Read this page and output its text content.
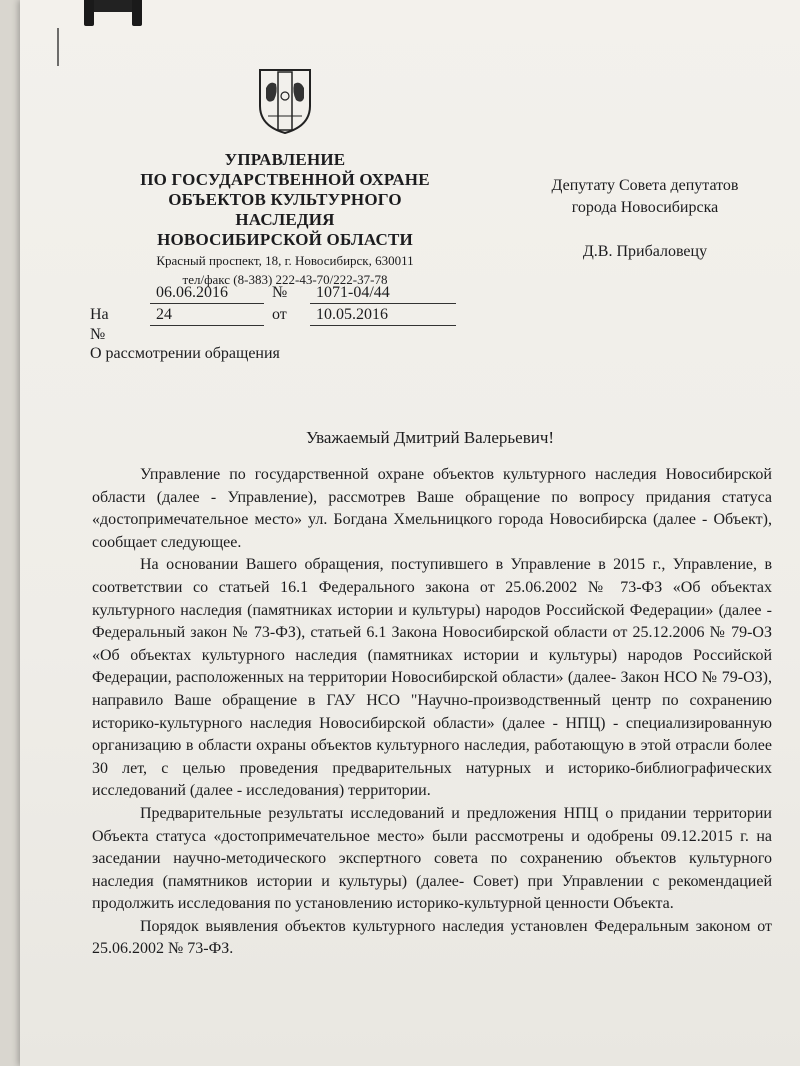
УПРАВЛЕНИЕ
ПО ГОСУДАРСТВЕННОЙ ОХРАНЕ
ОБЪЕКТОВ КУЛЬТУРНОГО НАСЛЕДИЯ
НОВОСИБИРСКОЙ ОБЛАСТИ
Красный проспект, 18, г. Новосибирск, 630011
тел/факс (8-383) 222-43-70/222-37-78
Депутату Совета депутатов
города Новосибирска
Д.В. Прибаловецу
06.06.2016	№	1071-04/44
На №
24	от	10.05.2016
О рассмотрении обращения
Уважаемый Дмитрий Валерьевич!

Управление по государственной охране объектов культурного наследия Новосибирской области (далее - Управление), рассмотрев Ваше обращение по вопросу придания статуса «достопримечательное место» ул. Богдана Хмельницкого города Новосибирска (далее - Объект), сообщает следующее.

На основании Вашего обращения, поступившего в Управление в 2015 г., Управление, в соответствии со статьей 16.1 Федерального закона от 25.06.2002 № 73-ФЗ «Об объектах культурного наследия (памятниках истории и культуры) народов Российской Федерации» (далее - Федеральный закон № 73-ФЗ), статьей 6.1 Закона Новосибирской области от 25.12.2006 № 79-ОЗ «Об объектах культурного наследия (памятниках истории и культуры) народов Российской Федерации, расположенных на территории Новосибирской области» (далее- Закон НСО № 79-ОЗ), направило Ваше обращение в ГАУ НСО "Научно-производственный центр по сохранению историко-культурного наследия Новосибирской области» (далее - НПЦ) - специализированную организацию в области охраны объектов культурного наследия, работающую в этой отрасли более 30 лет, с целью проведения предварительных натурных и историко-библиографических исследований (далее - исследования) территории.

Предварительные результаты исследований и предложения НПЦ о придании территории Объекта статуса «достопримечательное место» были рассмотрены и одобрены 09.12.2015 г. на заседании научно-методического экспертного совета по сохранению объектов культурного наследия (памятников истории и культуры) (далее- Совет) при Управлении с рекомендацией продолжить исследования по установлению историко-культурной ценности Объекта.

Порядок выявления объектов культурного наследия установлен Федеральным законом от 25.06.2002 № 73-ФЗ.
